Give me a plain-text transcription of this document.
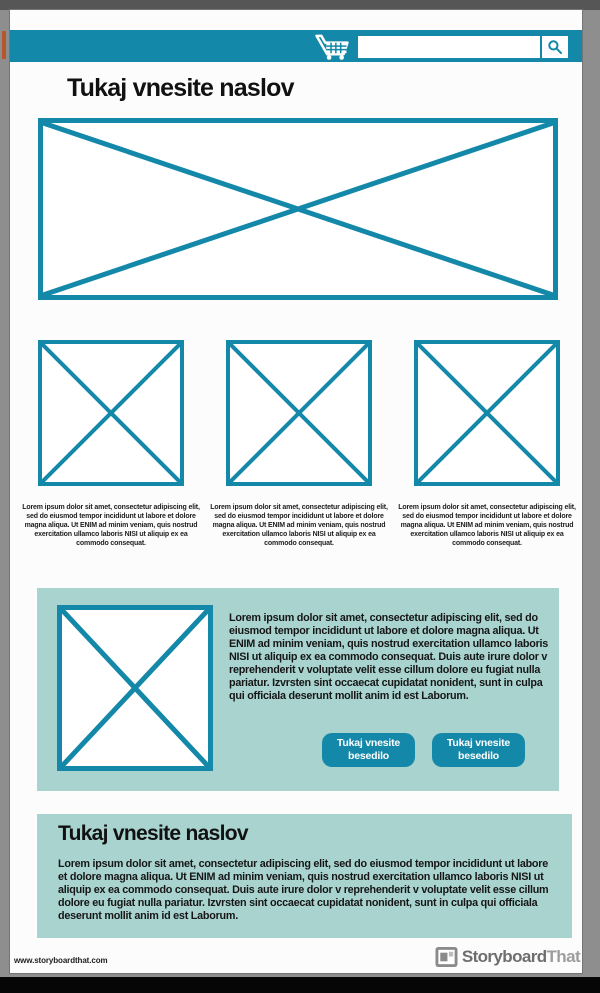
Tukaj vnesite naslov
Lorem ipsum dolor sit amet, consectetur adipiscing elit, sed do eiusmod tempor incididunt ut labore et dolore magna aliqua. Ut ENIM ad minim veniam, quis nostrud exercitation ullamco laboris NISI ut aliquip ex ea commodo consequat.
Lorem ipsum dolor sit amet, consectetur adipiscing elit, sed do eiusmod tempor incididunt ut labore et dolore magna aliqua. Ut ENIM ad minim veniam, quis nostrud exercitation ullamco laboris NISI ut aliquip ex ea commodo consequat.
Lorem ipsum dolor sit amet, consectetur adipiscing elit, sed do eiusmod tempor incididunt ut labore et dolore magna aliqua. Ut ENIM ad minim veniam, quis nostrud exercitation ullamco laboris NISI ut aliquip ex ea commodo consequat.

Lorem ipsum dolor sit amet, consectetur adipiscing elit, sed do eiusmod tempor incididunt ut labore et dolore magna aliqua. Ut ENIM ad minim veniam, quis nostrud exercitation ullamco laboris NISI ut aliquip ex ea commodo consequat. Duis aute irure dolor v reprehenderit v voluptate velit esse cillum dolore eu fugiat nulla pariatur. Izvrsten sint occaecat cupidatat nonident, sunt in culpa qui officiala deserunt mollit anim id est Laborum.

Tukaj vnesite besedilo
Tukaj vnesite besedilo
Tukaj vnesite naslov

Lorem ipsum dolor sit amet, consectetur adipiscing elit, sed do eiusmod tempor incididunt ut labore et dolore magna aliqua. Ut ENIM ad minim veniam, quis nostrud exercitation ullamco laboris NISI ut aliquip ex ea commodo consequat. Duis aute irure dolor v reprehenderit v voluptate velit esse cillum dolore eu fugiat nulla pariatur. Izvrsten sint occaecat cupidatat nonident, sunt in culpa qui officiala deserunt mollit anim id est Laborum.

www.storyboardthat.com	Storyboard That
